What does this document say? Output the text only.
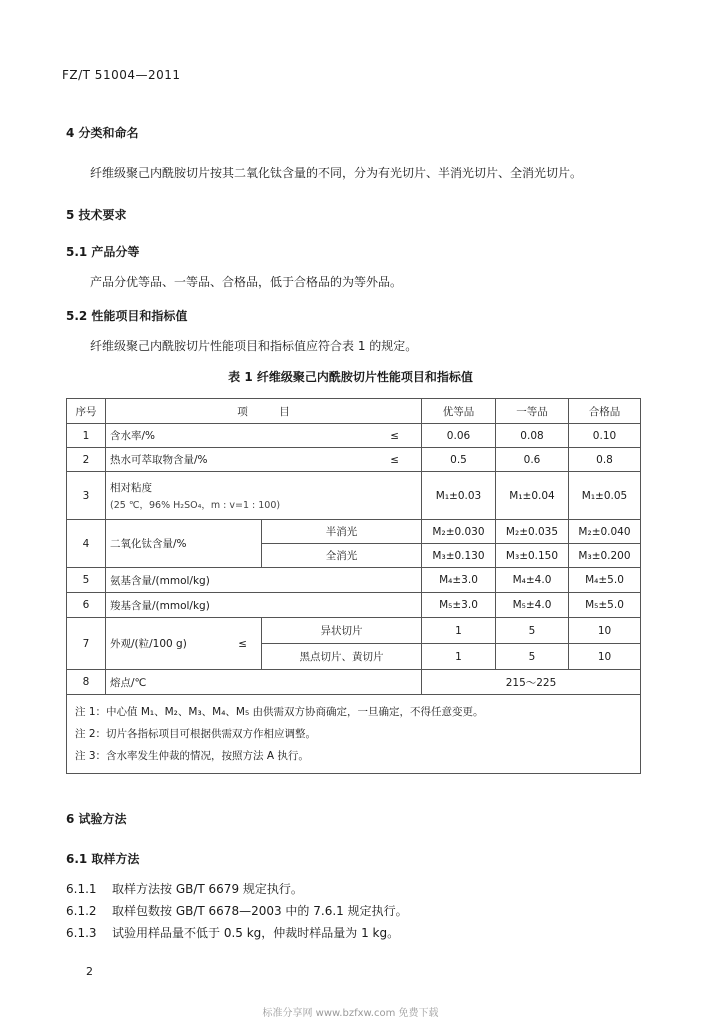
FZ/T 51004—2011
4 分类和命名
纤维级聚己内酰胺切片按其二氧化钛含量的不同，分为有光切片、半消光切片、全消光切片。
5 技术要求
5.1 产品分等
产品分优等品、一等品、合格品，低于合格品的为等外品。
5.2 性能项目和指标值
纤维级聚己内酰胺切片性能项目和指标值应符合表 1 的规定。
表 1 纤维级聚己内酰胺切片性能项目和指标值
序号	项　　　目		优等品	一等品	合格品
1	含水率/% ≤		0.06	0.08	0.10
2	热水可萃取物含量/% ≤		0.5	0.6	0.8
3	相对粘度
(25 ℃，96% H₂SO₄，m : v=1 : 100)		M₁±0.03	M₁±0.04	M₁±0.05
4	二氧化钛含量/%	半消光	M₂±0.030	M₂±0.035	M₂±0.040
		全消光	M₃±0.130	M₃±0.150	M₃±0.200
5	氨基含量/(mmol/kg)		M₄±3.0	M₄±4.0	M₄±5.0
6	羧基含量/(mmol/kg)		M₅±3.0	M₅±4.0	M₅±5.0
7	外观/(粒/100 g) ≤	异状切片	1	5	10
		黑点切片、黄切片	1	5	10
8	熔点/℃		215～225		

注 1：中心值 M₁、M₂、M₃、M₄、M₅ 由供需双方协商确定，一旦确定，不得任意变更。
注 2：切片各指标项目可根据供需双方作相应调整。
注 3：含水率发生仲裁的情况，按照方法 A 执行。					
6 试验方法
6.1 取样方法
6.1.1 取样方法按 GB/T 6679 规定执行。
6.1.2 取样包数按 GB/T 6678—2003 中的 7.6.1 规定执行。
6.1.3 试验用样品量不低于 0.5 kg，仲裁时样品量为 1 kg。
2
标准分享网 www.bzfxw.com 免费下载
